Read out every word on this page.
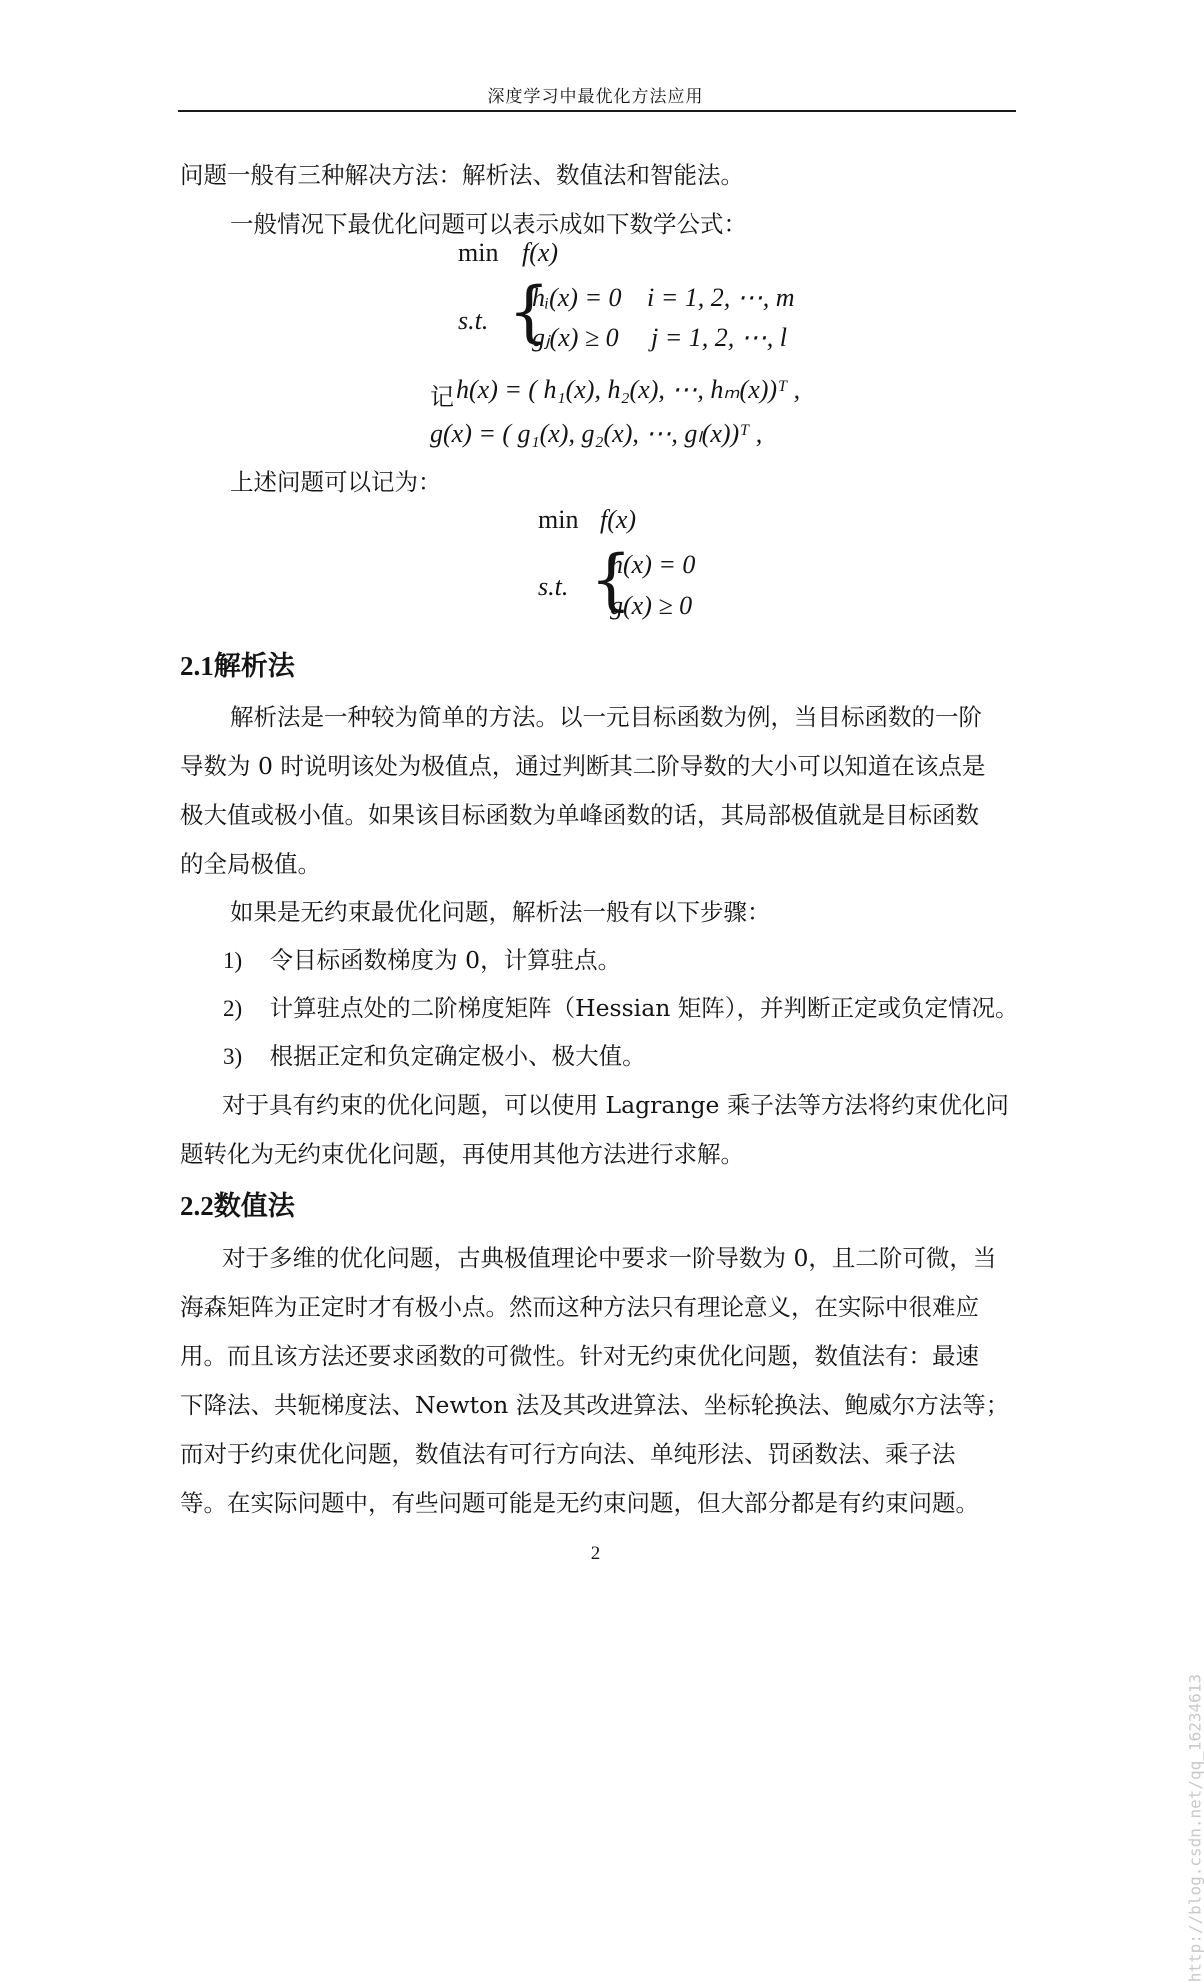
深度学习中最优化方法应用
问题一般有三种解决方法：解析法、数值法和智能法。
一般情况下最优化问题可以表示成如下数学公式：
min f(x)
s.t. {
hᵢ(x) = 0 i = 1, 2, ⋯, m
gⱼ(x) ≥ 0 j = 1, 2, ⋯, l
记 h(x) = ( h₁(x), h₂(x), ⋯, hₘ(x))ᵀ ,
g(x) = ( g₁(x), g₂(x), ⋯, gₗ(x))ᵀ ,
上述问题可以记为：
min f(x)
s.t. {
h(x) = 0
g(x) ≥ 0
2.1解析法
解析法是一种较为简单的方法。以一元目标函数为例，当目标函数的一阶
导数为 0 时说明该处为极值点，通过判断其二阶导数的大小可以知道在该点是
极大值或极小值。如果该目标函数为单峰函数的话，其局部极值就是目标函数
的全局极值。
如果是无约束最优化问题，解析法一般有以下步骤：
1) 令目标函数梯度为 0，计算驻点。
2) 计算驻点处的二阶梯度矩阵（Hessian 矩阵），并判断正定或负定情况。
3) 根据正定和负定确定极小、极大值。
对于具有约束的优化问题，可以使用 Lagrange 乘子法等方法将约束优化问
题转化为无约束优化问题，再使用其他方法进行求解。
2.2数值法
对于多维的优化问题，古典极值理论中要求一阶导数为 0，且二阶可微，当
海森矩阵为正定时才有极小点。然而这种方法只有理论意义，在实际中很难应
用。而且该方法还要求函数的可微性。针对无约束优化问题，数值法有：最速
下降法、共轭梯度法、Newton 法及其改进算法、坐标轮换法、鲍威尔方法等；
而对于约束优化问题，数值法有可行方向法、单纯形法、罚函数法、乘子法
等。在实际问题中，有些问题可能是无约束问题，但大部分都是有约束问题。
2
http://blog.csdn.net/qq_16234613
